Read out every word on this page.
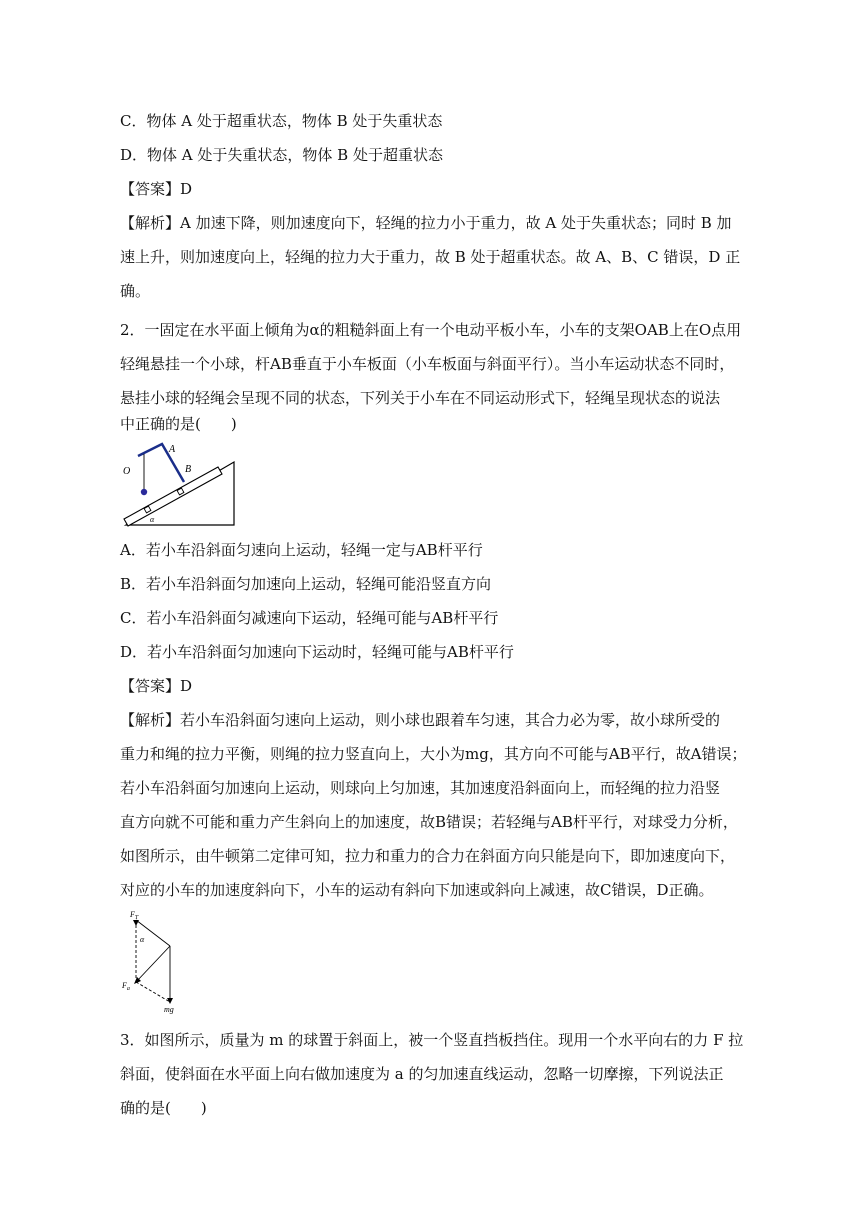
C．物体 A 处于超重状态，物体 B 处于失重状态
D．物体 A 处于失重状态，物体 B 处于超重状态
【答案】D
【解析】A 加速下降，则加速度向下，轻绳的拉力小于重力，故 A 处于失重状态；同时 B 加
速上升，则加速度向上，轻绳的拉力大于重力，故 B 处于超重状态。故 A、B、C 错误，D 正
确。
2．一固定在水平面上倾角为α的粗糙斜面上有一个电动平板小车，小车的支架OAB上在O点用
轻绳悬挂一个小球，杆AB垂直于小车板面（小车板面与斜面平行）。当小车运动状态不同时，
悬挂小球的轻绳会呈现不同的状态，下列关于小车在不同运动形式下，轻绳呈现状态的说法
中正确的是(　　)
A
B
O
α
A．若小车沿斜面匀速向上运动，轻绳一定与AB杆平行
B．若小车沿斜面匀加速向上运动，轻绳可能沿竖直方向
C．若小车沿斜面匀减速向下运动，轻绳可能与AB杆平行
D．若小车沿斜面匀加速向下运动时，轻绳可能与AB杆平行
【答案】D
【解析】若小车沿斜面匀速向上运动，则小球也跟着车匀速，其合力必为零，故小球所受的
重力和绳的拉力平衡，则绳的拉力竖直向上，大小为mg，其方向不可能与AB平行，故A错误；
若小车沿斜面匀加速向上运动，则球向上匀加速，其加速度沿斜面向上，而轻绳的拉力沿竖
直方向就不可能和重力产生斜向上的加速度，故B错误；若轻绳与AB杆平行，对球受力分析，
如图所示，由牛顿第二定律可知，拉力和重力的合力在斜面方向只能是向下，即加速度向下，
对应的小车的加速度斜向下，小车的运动有斜向下加速或斜向上减速，故C错误，D正确。
$F_T$
α
$F_a$
mg
3．如图所示，质量为 m 的球置于斜面上，被一个竖直挡板挡住。现用一个水平向右的力 F 拉
斜面，使斜面在水平面上向右做加速度为 a 的匀加速直线运动，忽略一切摩擦，下列说法正
确的是(　　)
